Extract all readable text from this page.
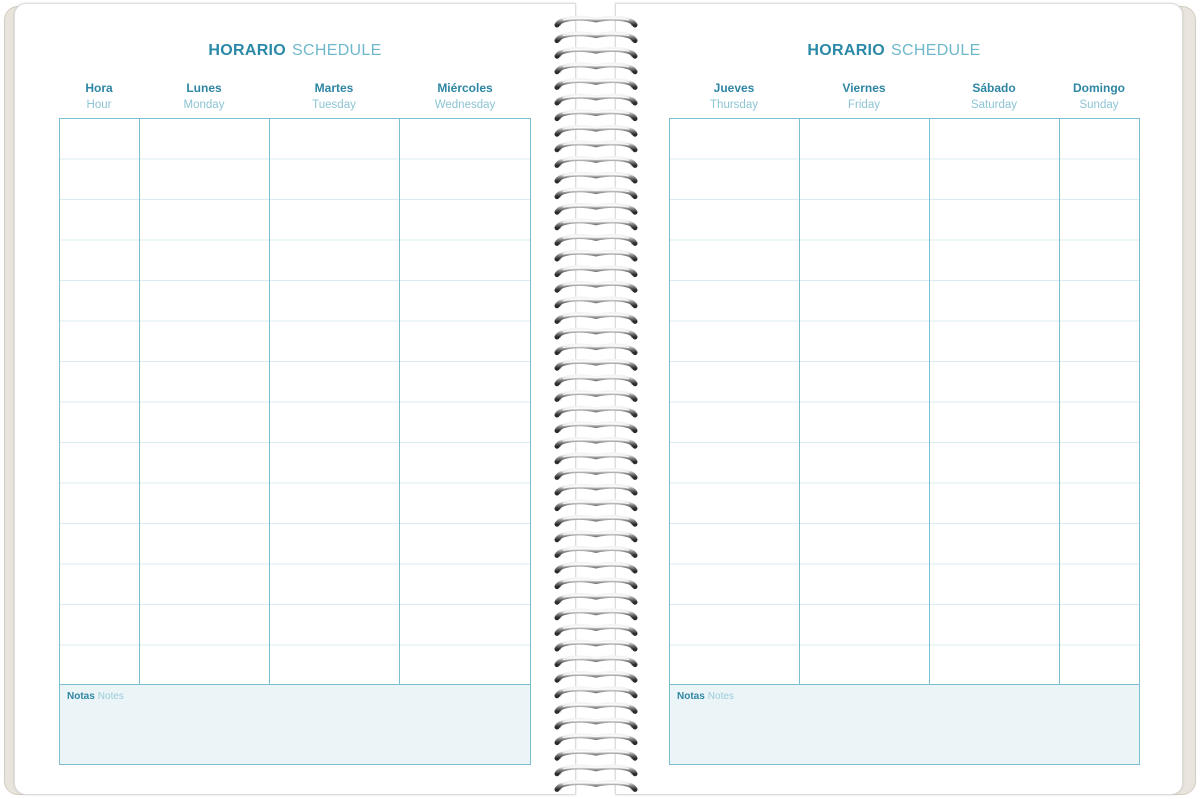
HORARIO SCHEDULE
Hora
Hour
Lunes
Monday
Martes
Tuesday
Miércoles
Wednesday
Notas Notes
HORARIO SCHEDULE
Jueves
Thursday
Viernes
Friday
Sábado
Saturday
Domingo
Sunday
Notas Notes
